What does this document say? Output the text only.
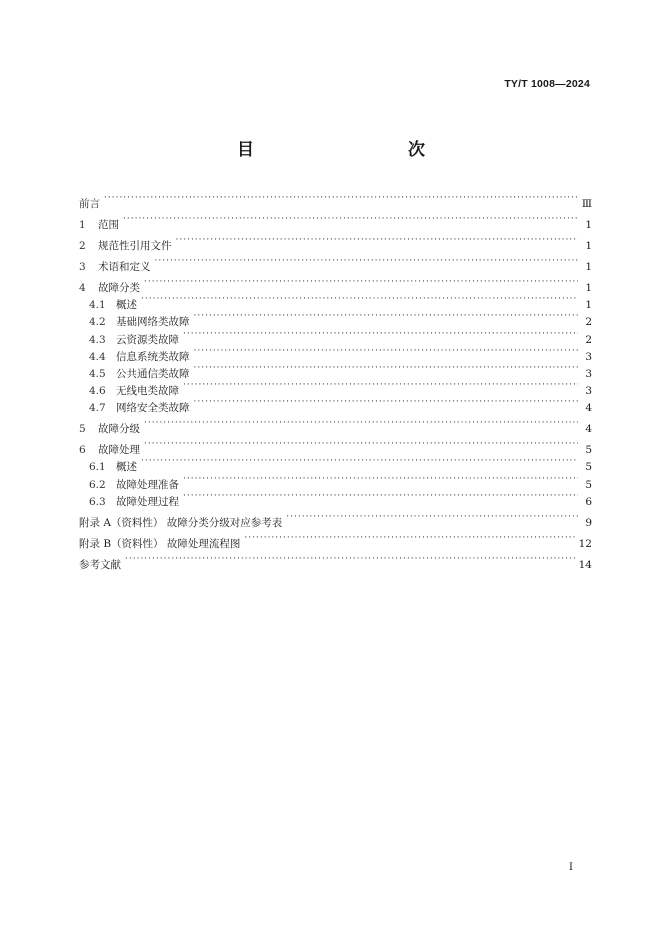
TY/T 1008—2024
目　　次
前言 ·····	Ⅲ
1	范围 ·····	1
2	规范性引用文件 ·····	1
3	术语和定义 ·····	1
4	故障分类 ·····	1
4.1 概述 ·····	1
4.2 基础网络类故障 ·····	2
4.3 云资源类故障 ·····	2
4.4 信息系统类故障 ·····	3
4.5 公共通信类故障 ·····	3
4.6 无线电类故障 ·····	3
4.7 网络安全类故障 ·····	4
5	故障分级 ·····	4
6	故障处理 ·····	5
6.1 概述 ·····	5
6.2 故障处理准备 ·····	5
6.3 故障处理过程 ·····	6
附录 A（资料性） 故障分类分级对应参考表 ·····	9
附录 B（资料性） 故障处理流程图 ·····	12
参考文献 ·····	14
I
